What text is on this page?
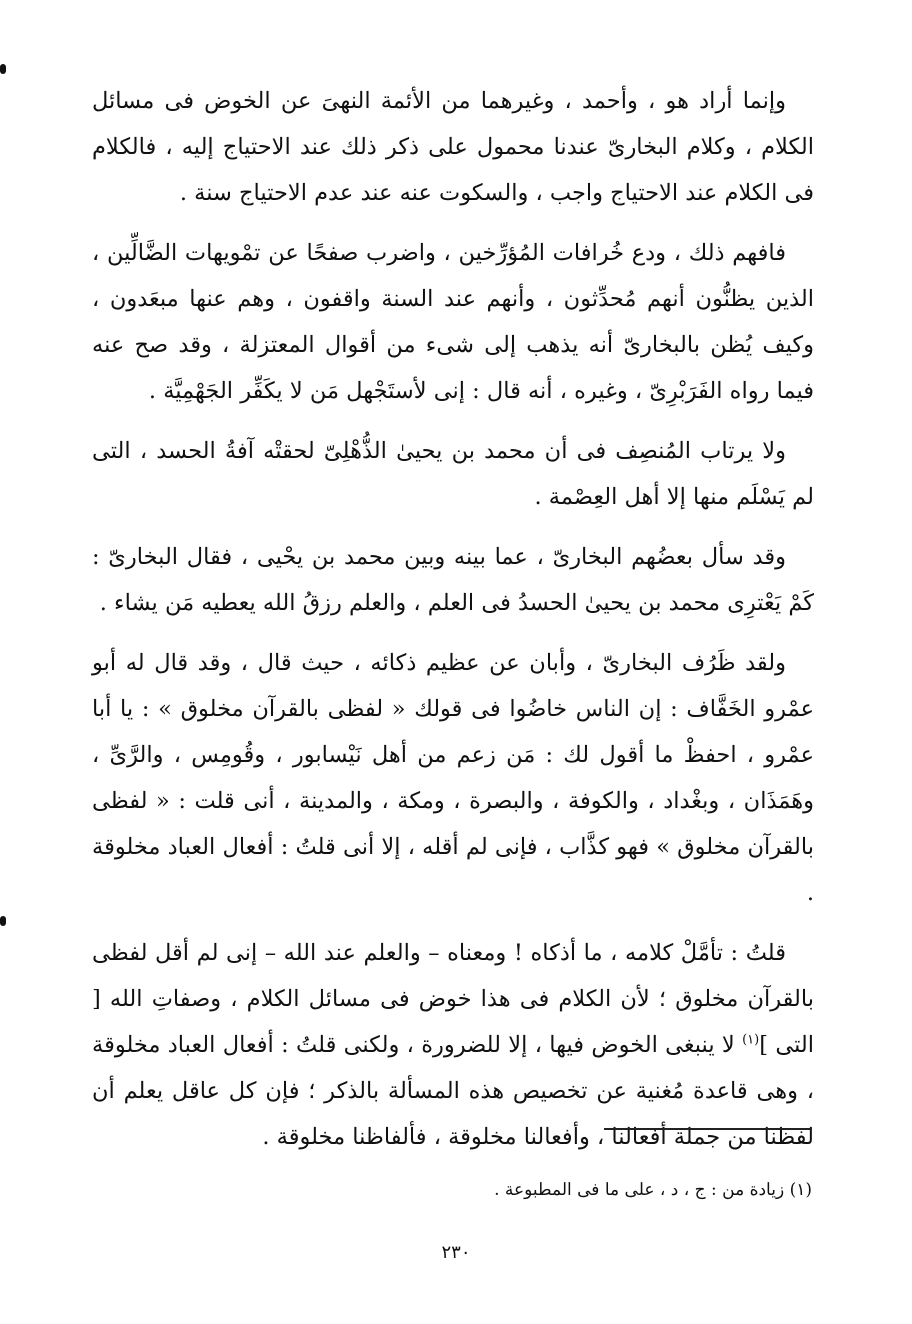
وإنما أراد هو ، وأحمد ، وغيرهما من الأئمة النهىَ عن الخوض فى مسائل الكلام ، وكلام البخارىّ عندنا محمول على ذكر ذلك عند الاحتياج إليه ، فالكلام فى الكلام عند الاحتياج واجب ، والسكوت عنه عند عدم الاحتياج سنة .

فافهم ذلك ، ودع خُرافات المُؤرِّخين ، واضرب صفحًا عن تمْويهات الضَّالِّين ، الذين يظنُّون أنهم مُحدِّثون ، وأنهم عند السنة واقفون ، وهم عنها مبعَدون ، وكيف يُظن بالبخارىّ أنه يذهب إلى شىء من أقوال المعتزلة ، وقد صح عنه فيما رواه الفَرَبْرِىّ ، وغيره ، أنه قال : إنى لأستَجْهل مَن لا يكَفِّر الجَهْمِيَّة .

ولا يرتاب المُنصِف فى أن محمد بن يحيىٰ الذُّهْلِىّ لحقتْه آفةُ الحسد ، التى لم يَسْلَم منها إلا أهل العِصْمة .

وقد سأل بعضُهم البخارىّ ، عما بينه وبين محمد بن يحْيى ، فقال البخارىّ : كَمْ يَعْترِى محمد بن يحيىٰ الحسدُ فى العلم ، والعلم رزقُ الله يعطيه مَن يشاء .

ولقد ظَرُف البخارىّ ، وأبان عن عظيم ذكائه ، حيث قال ، وقد قال له أبو عمْرو الخَفَّاف : إن الناس خاضُوا فى قولك « لفظى بالقرآن مخلوق » : يا أبا عمْرو ، احفظْ ما أقول لك : مَن زعم من أهل نَيْسابور ، وقُومِس ، والرَّىِّ ، وهَمَذَان ، وبغْداد ، والكوفة ، والبصرة ، ومكة ، والمدينة ، أنى قلت : « لفظى بالقرآن مخلوق » فهو كذَّاب ، فإنى لم أقله ، إلا أنى قلتُ : أفعال العباد مخلوقة .

قلتُ : تأمَّلْ كلامه ، ما أذكاه ! ومعناه – والعلم عند الله – إنى لم أقل لفظى بالقرآن مخلوق ؛ لأن الكلام فى هذا خوض فى مسائل الكلام ، وصفاتِ الله [ التى ]$^{(١)}$ لا ينبغى الخوض فيها ، إلا للضرورة ، ولكنى قلتُ : أفعال العباد مخلوقة ، وهى قاعدة مُغنية عن تخصيص هذه المسألة بالذكر ؛ فإن كل عاقل يعلم أن لفظنا من جملة أفعالنا ، وأفعالنا مخلوقة ، فألفاظنا مخلوقة .

(١) زيادة من : ج ، د ، على ما فى المطبوعة .
٢٣٠
